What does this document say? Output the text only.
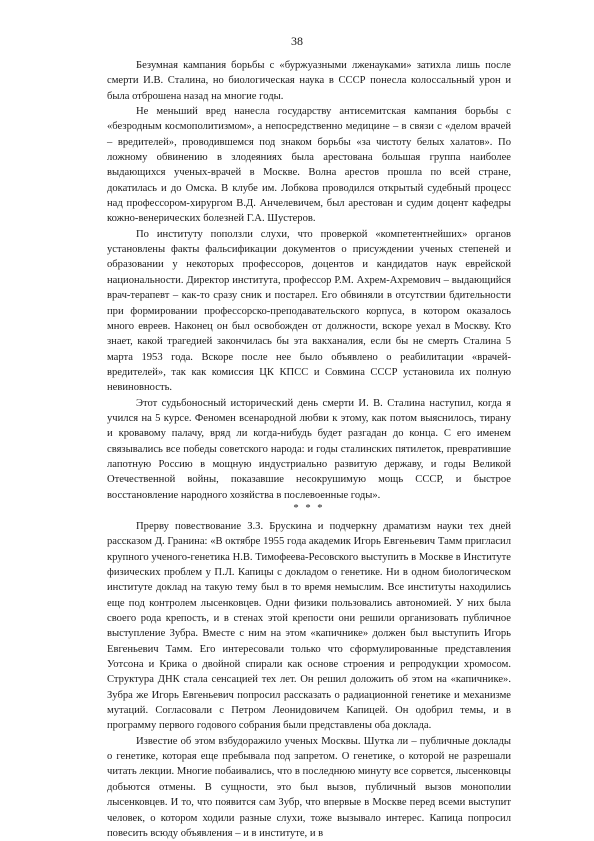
38

Безумная кампания борьбы с «буржуазными лженауками» затихла лишь после смерти И.В. Сталина, но биологическая наука в СССР понесла колоссальный урон и была отброшена назад на многие годы.

Не меньший вред нанесла государству антисемитская кампания борьбы с «безродным космополитизмом», а непосредственно медицине – в связи с «делом врачей – вредителей», проводившемся под знаком борьбы «за чистоту белых халатов». По ложному обвинению в злодеяниях была арестована большая группа наиболее выдающихся ученых-врачей в Москве. Волна арестов прошла по всей стране, докатилась и до Омска. В клубе им. Лобкова проводился открытый судебный процесс над профессором-хирургом В.Д. Анчелевичем, был арестован и судим доцент кафедры кожно-венерических болезней Г.А. Шустеров.

По институту поползли слухи, что проверкой «компетентнейших» органов установлены факты фальсификации документов о присуждении ученых степеней и образовании у некоторых профессоров, доцентов и кандидатов наук еврейской национальности. Директор института, профессор Р.М. Ахрем-Ахремович – выдающийся врач-терапевт – как-то сразу сник и постарел. Его обвиняли в отсутствии бдительности при формировании профессорско-преподавательского корпуса, в котором оказалось много евреев. Наконец он был освобожден от должности, вскоре уехал в Москву. Кто знает, какой трагедией закончилась бы эта вакханалия, если бы не смерть Сталина 5 марта 1953 года. Вскоре после нее было объявлено о реабилитации «врачей-вредителей», так как комиссия ЦК КПСС и Совмина СССР установила их полную невиновность.

Этот судьбоносный исторический день смерти И. В. Сталина наступил, когда я учился на 5 курсе. Феномен всенародной любви к этому, как потом выяснилось, тирану и кровавому палачу, вряд ли когда-нибудь будет разгадан до конца. С его именем связывались все победы советского народа: и годы сталинских пятилеток, превратившие лапотную Россию в мощную индустриально развитую державу, и годы Великой Отечественной войны, показавшие несокрушимую мощь СССР, и быстрое восстановление народного хозяйства в послевоенные годы».

* * *

Прерву повествование З.З. Брускина и подчеркну драматизм науки тех дней рассказом Д. Гранина: «В октябре 1955 года академик Игорь Евгеньевич Тамм пригласил крупного ученого-генетика Н.В. Тимофеева-Ресовского выступить в Москве в Институте физических проблем у П.Л. Капицы с докладом о генетике. Ни в одном биологическом институте доклад на такую тему был в то время немыслим. Все институты находились еще под контролем лысенковцев. Одни физики пользовались автономией. У них была своего рода крепость, и в стенах этой крепости они решили организовать публичное выступление Зубра. Вместе с ним на этом «капичнике» должен был выступить Игорь Евгеньевич Тамм. Его интересовали только что сформулированные представления Уотсона и Крика о двойной спирали как основе строения и репродукции хромосом. Структура ДНК стала сенсацией тех лет. Он решил доложить об этом на «капичнике». Зубра же Игорь Евгеньевич попросил рассказать о радиационной генетике и механизме мутаций. Согласовали с Петром Леонидовичем Капицей. Он одобрил темы, и в программу первого годового собрания были представлены оба доклада.

Известие об этом взбудоражило ученых Москвы. Шутка ли – публичные доклады о генетике, которая еще пребывала под запретом. О генетике, о которой не разрешали читать лекции. Многие побаивались, что в последнюю минуту все сорвется, лысенковцы добьются отмены. В сущности, это был вызов, публичный вызов монополии лысенковцев. И то, что появится сам Зубр, что впервые в Москве перед всеми выступит человек, о котором ходили разные слухи, тоже вызывало интерес. Капица попросил повесить всюду объявления – и в институте, и в
